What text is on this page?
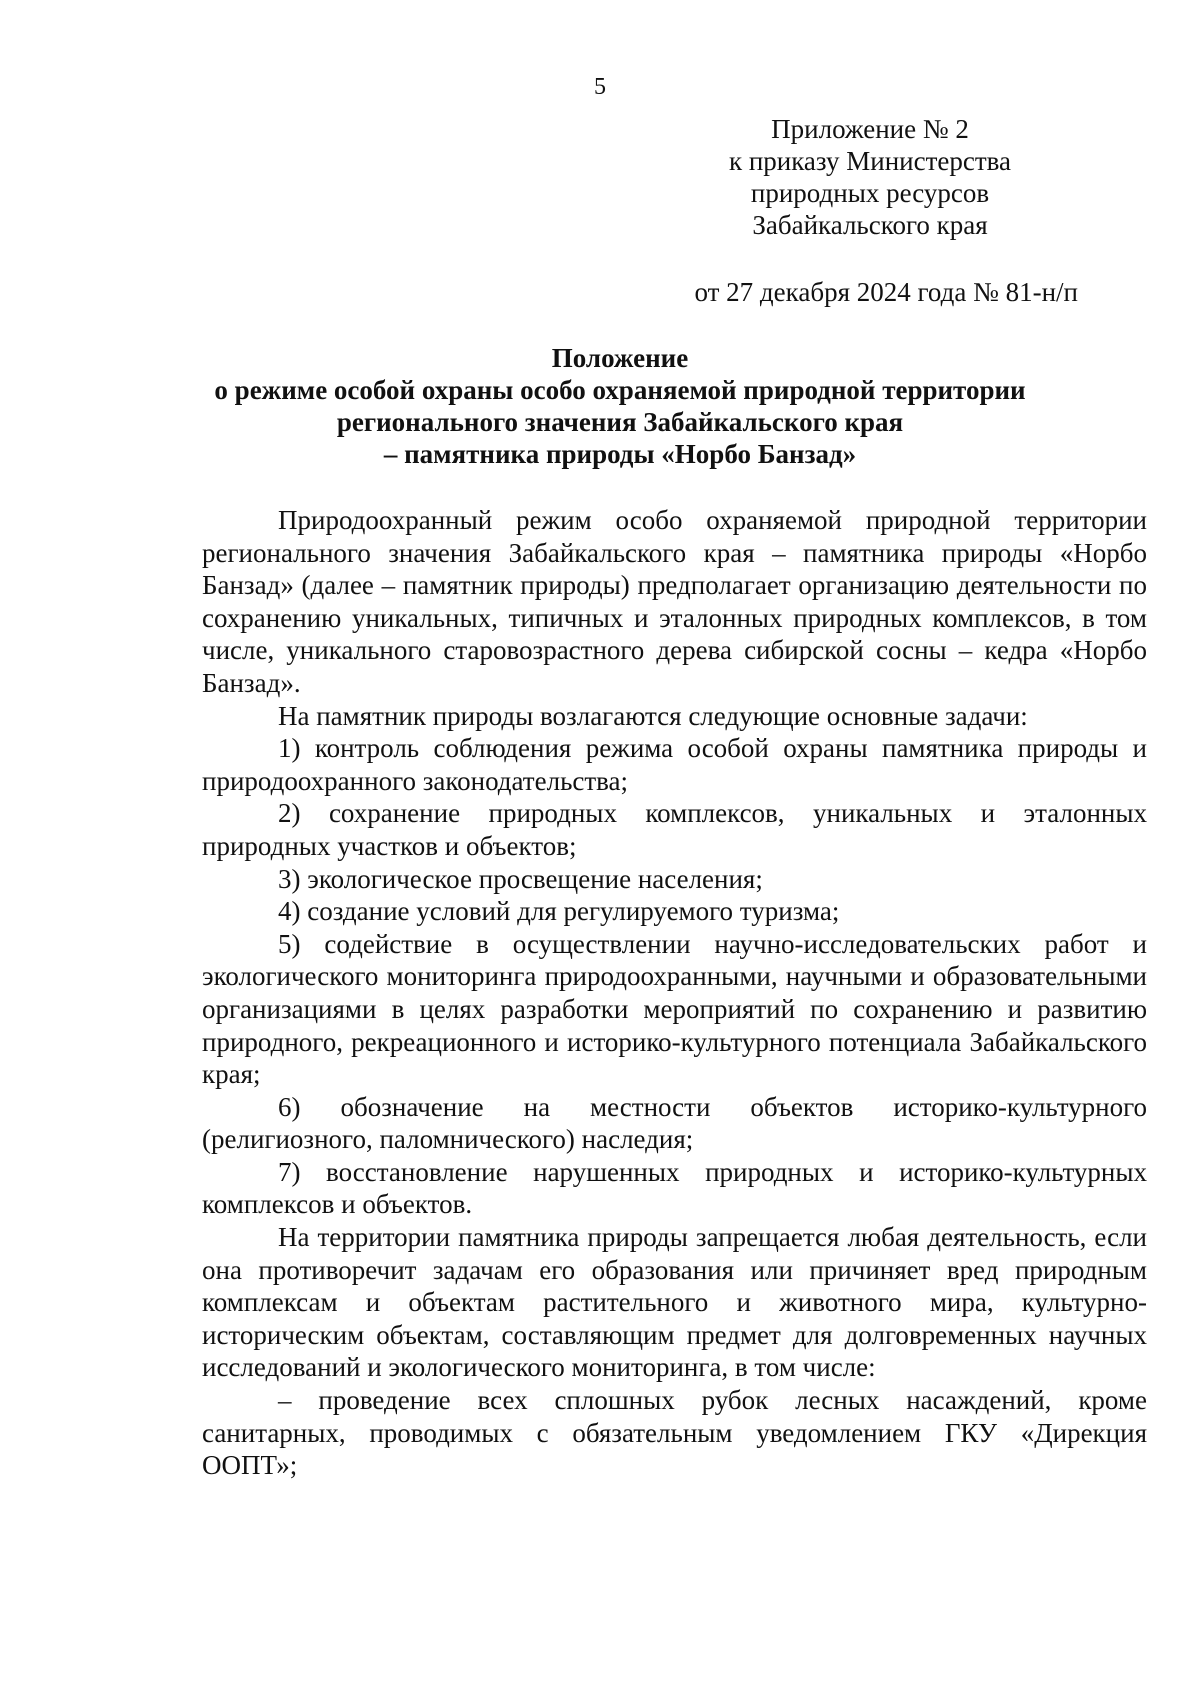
5
Приложение № 2
к приказу Министерства
природных ресурсов
Забайкальского края
от 27 декабря 2024 года № 81-н/п
Положение
о режиме особой охраны особо охраняемой природной территории
регионального значения Забайкальского края
– памятника природы «Норбо Банзад»

Природоохранный режим особо охраняемой природной территории регионального значения Забайкальского края – памятника природы «Норбо Банзад» (далее – памятник природы) предполагает организацию деятельности по сохранению уникальных, типичных и эталонных природных комплексов, в том числе, уникального старовозрастного дерева сибирской сосны – кедра «Норбо Банзад».

На памятник природы возлагаются следующие основные задачи:

1) контроль соблюдения режима особой охраны памятника природы и природоохранного законодательства;

2) сохранение природных комплексов, уникальных и эталонных природных участков и объектов;

3) экологическое просвещение населения;

4) создание условий для регулируемого туризма;

5) содействие в осуществлении научно-исследовательских работ и экологического мониторинга природоохранными, научными и образовательными организациями в целях разработки мероприятий по сохранению и развитию природного, рекреационного и историко-культурного потенциала Забайкальского края;

6) обозначение на местности объектов историко-культурного (религиозного, паломнического) наследия;

7) восстановление нарушенных природных и историко-культурных комплексов и объектов.

На территории памятника природы запрещается любая деятельность, если она противоречит задачам его образования или причиняет вред природным комплексам и объектам растительного и животного мира, культурно-историческим объектам, составляющим предмет для долговременных научных исследований и экологического мониторинга, в том числе:

– проведение всех сплошных рубок лесных насаждений, кроме санитарных, проводимых с обязательным уведомлением ГКУ «Дирекция ООПТ»;
